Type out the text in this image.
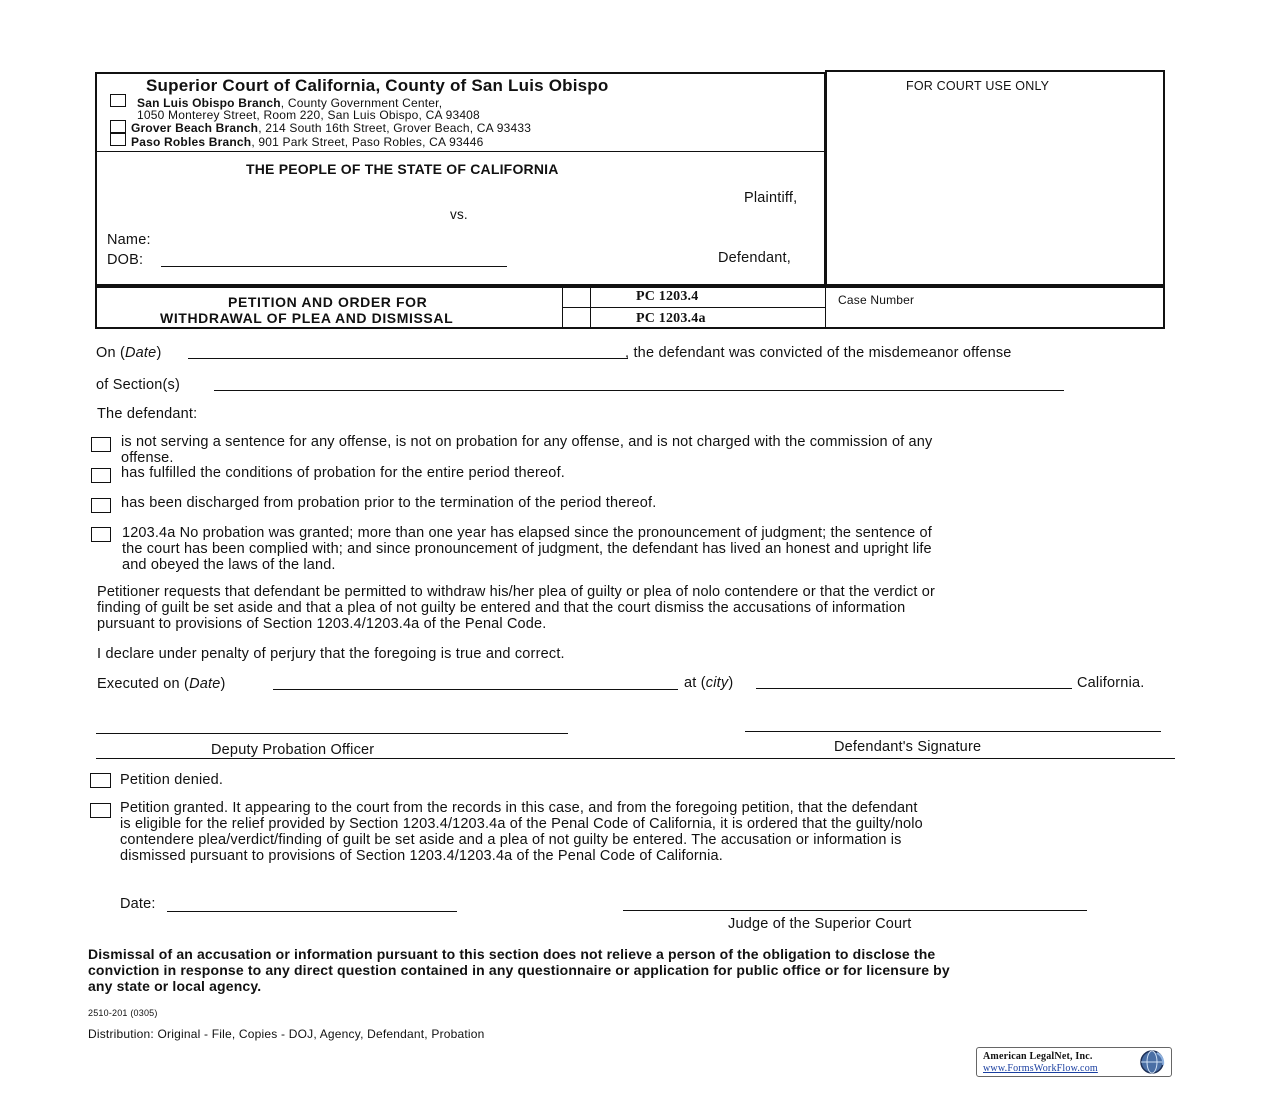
Superior Court of California, County of San Luis Obispo
San Luis Obispo Branch, County Government Center,
1050 Monterey Street, Room 220, San Luis Obispo, CA 93408
Grover Beach Branch, 214 South 16th Street, Grover Beach, CA 93433
Paso Robles Branch, 901 Park Street, Paso Robles, CA 93446
FOR COURT USE ONLY
THE PEOPLE OF THE STATE OF CALIFORNIA
Plaintiff,
vs.
Name:
DOB:	Defendant,
PETITION AND ORDER FOR
WITHDRAWAL OF PLEA AND DISMISSAL
PC 1203.4
PC 1203.4a
Case Number
On (Date)	, the defendant was convicted of the misdemeanor offense
of Section(s)
The defendant:
is not serving a sentence for any offense, is not on probation for any offense, and is not charged with the commission of any
offense.
has fulfilled the conditions of probation for the entire period thereof.
has been discharged from probation prior to the termination of the period thereof.
1203.4a No probation was granted; more than one year has elapsed since the pronouncement of judgment; the sentence of
the court has been complied with; and since pronouncement of judgment, the defendant has lived an honest and upright life
and obeyed the laws of the land.
Petitioner requests that defendant be permitted to withdraw his/her plea of guilty or plea of nolo contendere or that the verdict or
finding of guilt be set aside and that a plea of not guilty be entered and that the court dismiss the accusations of information
pursuant to provisions of Section 1203.4/1203.4a of the Penal Code.
I declare under penalty of perjury that the foregoing is true and correct.
Executed on (Date)	at (city)	California.
Deputy Probation Officer	Defendant's Signature
Petition denied.
Petition granted. It appearing to the court from the records in this case, and from the foregoing petition, that the defendant
is eligible for the relief provided by Section 1203.4/1203.4a of the Penal Code of California, it is ordered that the guilty/nolo
contendere plea/verdict/finding of guilt be set aside and a plea of not guilty be entered. The accusation or information is
dismissed pursuant to provisions of Section 1203.4/1203.4a of the Penal Code of California.
Date:
Judge of the Superior Court
Dismissal of an accusation or information pursuant to this section does not relieve a person of the obligation to disclose the
conviction in response to any direct question contained in any questionnaire or application for public office or for licensure by
any state or local agency.
2510-201 (0305)
Distribution: Original - File, Copies - DOJ, Agency, Defendant, Probation
American LegalNet, Inc.
www.FormsWorkFlow.com
